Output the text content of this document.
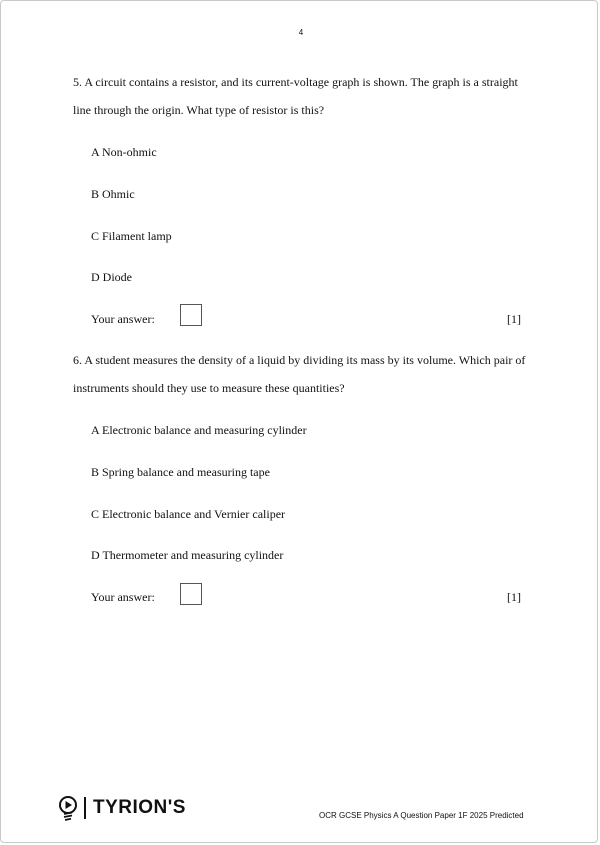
4
5. A circuit contains a resistor, and its current-voltage graph is shown. The graph is a straight
line through the origin. What type of resistor is this?
A Non-ohmic
B Ohmic
C Filament lamp
D Diode
Your answer:	[1]
6. A student measures the density of a liquid by dividing its mass by its volume. Which pair of
instruments should they use to measure these quantities?
A Electronic balance and measuring cylinder
B Spring balance and measuring tape
C Electronic balance and Vernier caliper
D Thermometer and measuring cylinder
Your answer:	[1]
TYRION'S	OCR GCSE Physics A Question Paper 1F 2025 Predicted
